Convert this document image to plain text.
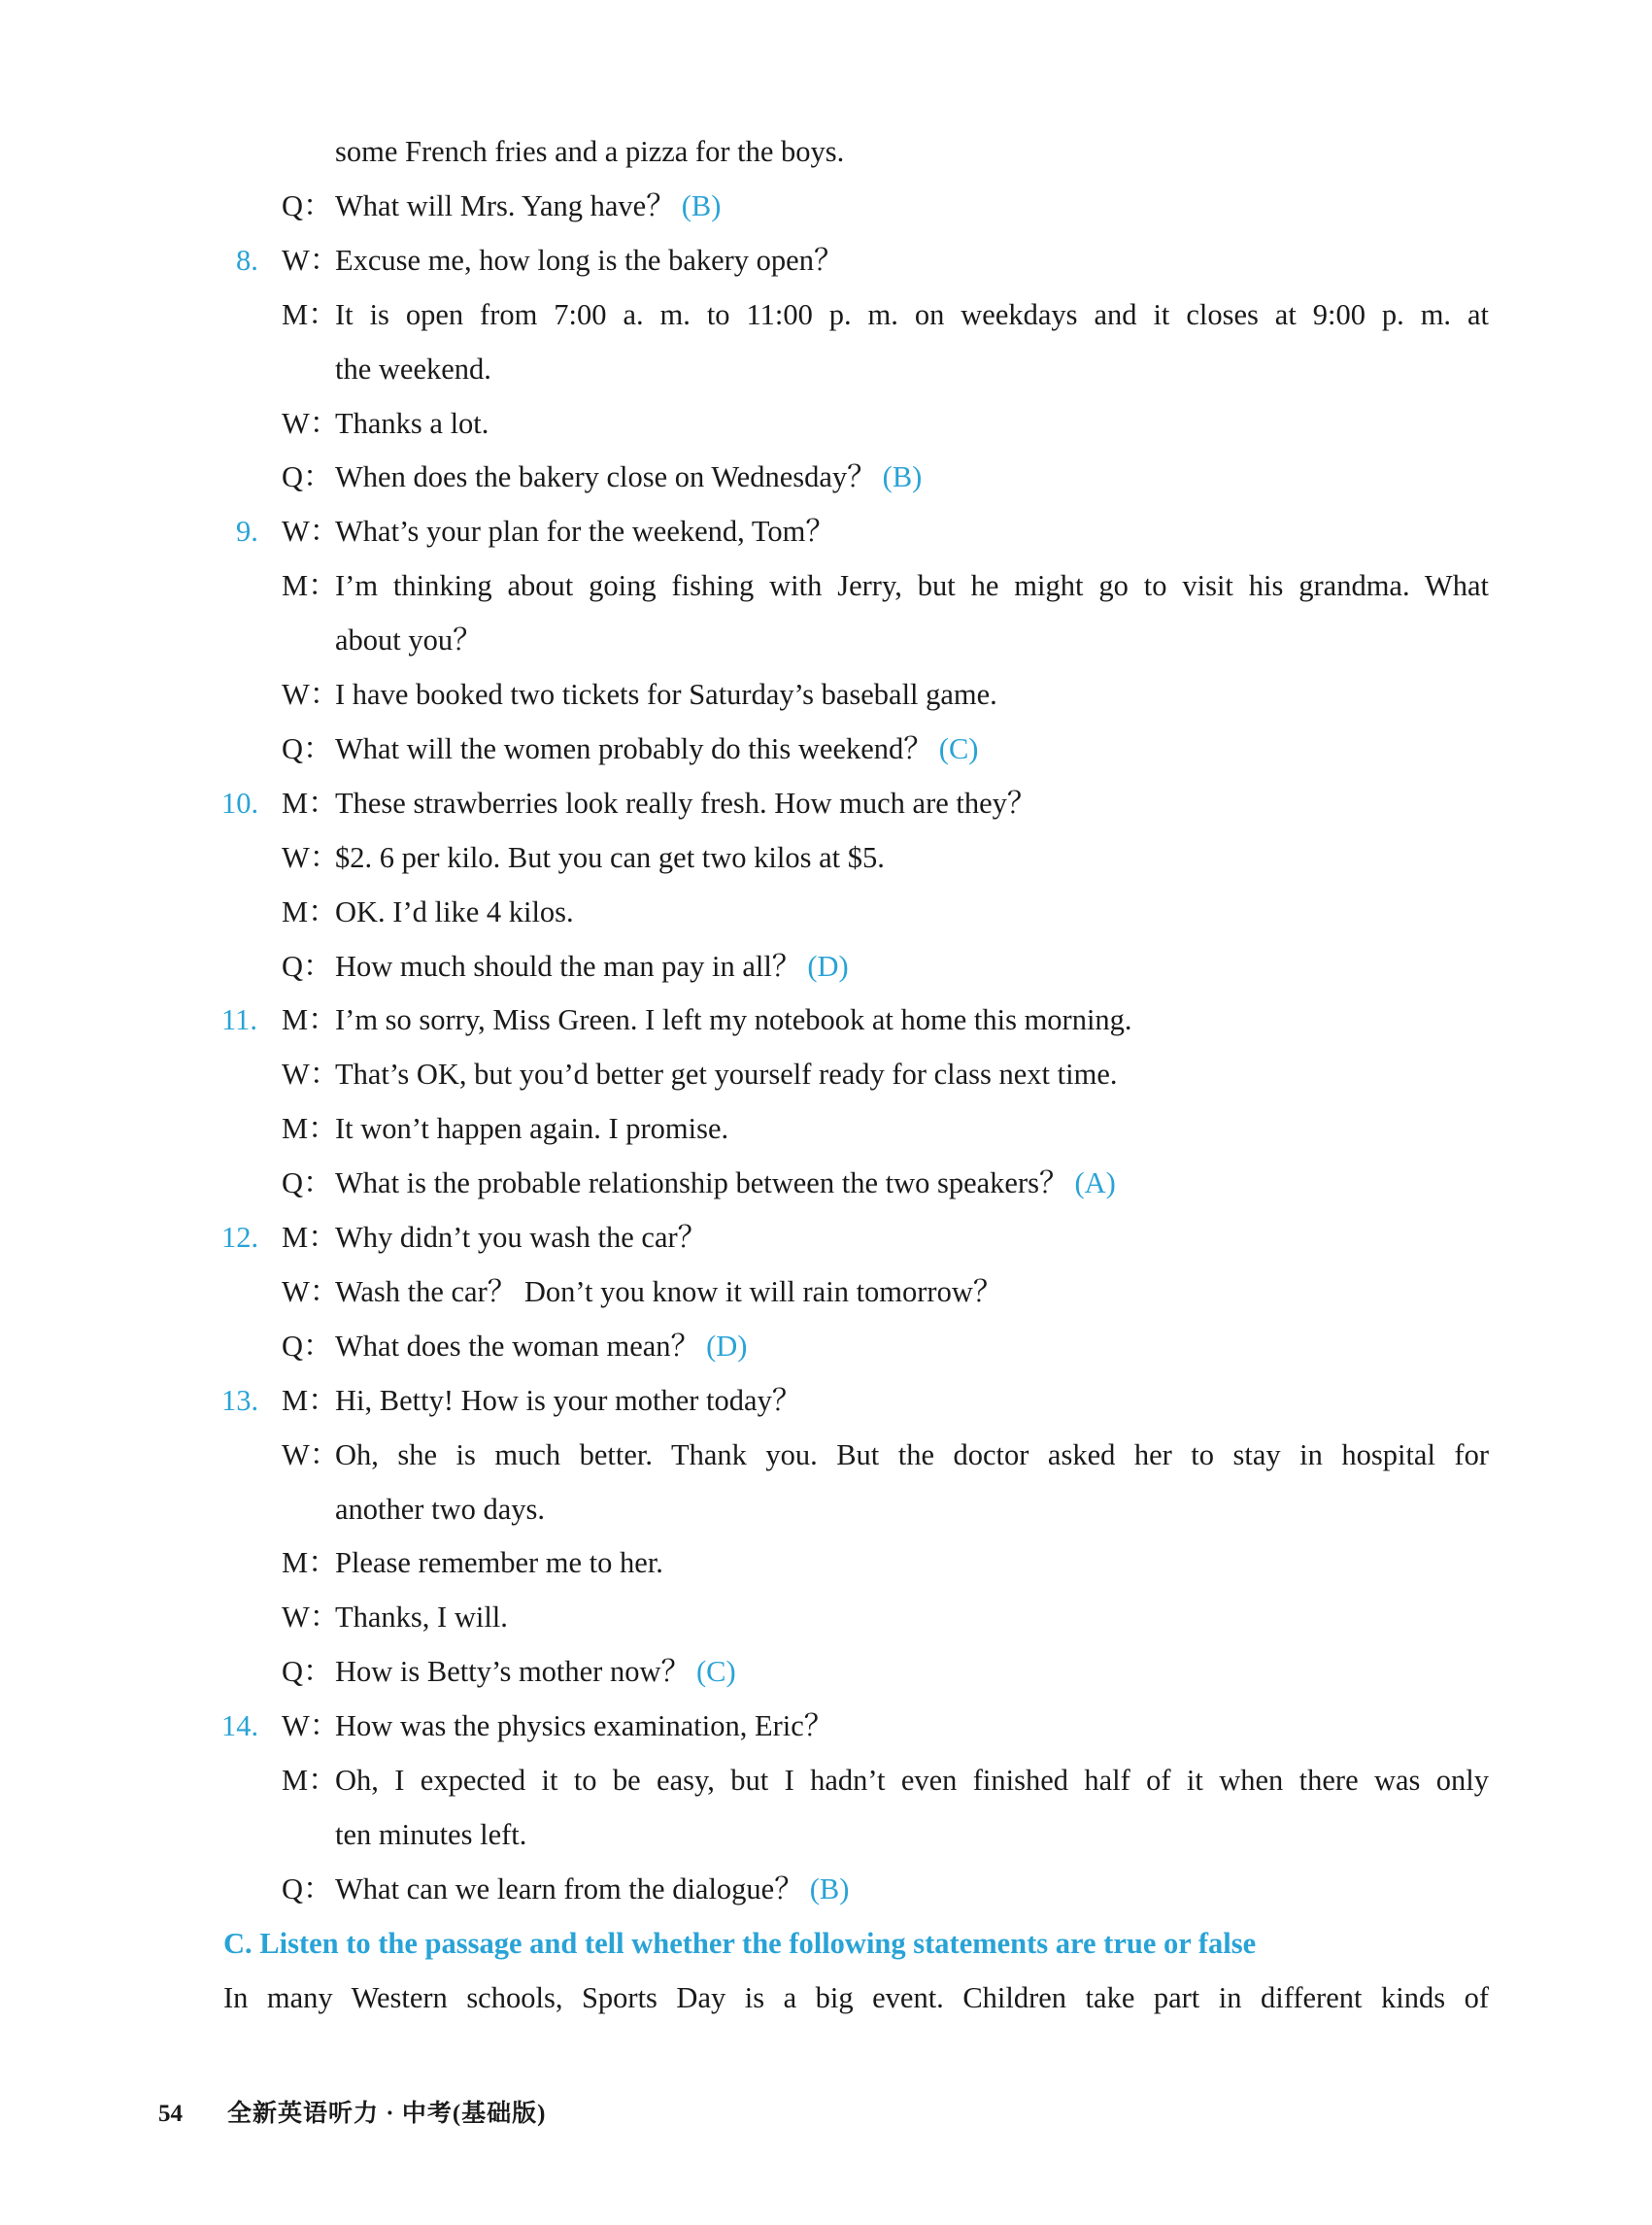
some French fries and a pizza for the boys.
Q： What will Mrs. Yang have？ (B)
8. W：
Excuse me, how long is the bakery open？
M：
It is open from 7:00 a. m. to 11:00 p. m. on weekdays and it closes at 9:00 p. m. at
the weekend.
W：
Thanks a lot.
Q： When does the bakery close on Wednesday？ (B)
9. W：
What’s your plan for the weekend, Tom？
M：
I’m thinking about going fishing with Jerry, but he might go to visit his grandma. What
about you？
W：
I have booked two tickets for Saturday’s baseball game.
Q： What will the women probably do this weekend？ (C)
10. M：
These strawberries look really fresh. How much are they？
W：
$2. 6 per kilo. But you can get two kilos at $5.
M：
OK. I’d like 4 kilos.
Q： How much should the man pay in all？ (D)
11. M：
I’m so sorry, Miss Green. I left my notebook at home this morning.
W：
That’s OK, but you’d better get yourself ready for class next time.
M：
It won’t happen again. I promise.
Q： What is the probable relationship between the two speakers？ (A)
12. M：
Why didn’t you wash the car？
W：
Wash the car？ Don’t you know it will rain tomorrow？
Q： What does the woman mean？ (D)
13. M：
Hi, Betty! How is your mother today？
W：
Oh, she is much better. Thank you. But the doctor asked her to stay in hospital for
another two days.
M：
Please remember me to her.
W：
Thanks, I will.
Q： How is Betty’s mother now？ (C)
14. W：
How was the physics examination, Eric？
M：
Oh, I expected it to be easy, but I hadn’t even finished half of it when there was only
ten minutes left.
Q： What can we learn from the dialogue？ (B)
C. Listen to the passage and tell whether the following statements are true or false
In many Western schools, Sports Day is a big event. Children take part in different kinds of
54 全新英语听力 · 中考(基础版)
